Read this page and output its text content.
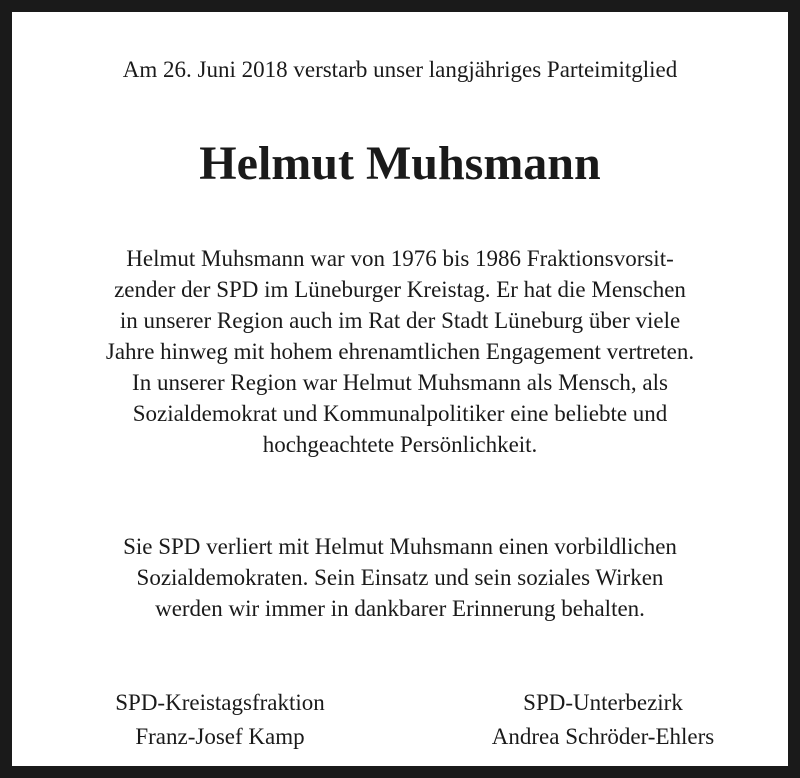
Am 26. Juni 2018 verstarb unser langjähriges Parteimitglied
Helmut Muhsmann
Helmut Muhsmann war von 1976 bis 1986 Fraktionsvorsit-
zender der SPD im Lüneburger Kreistag. Er hat die Menschen
in unserer Region auch im Rat der Stadt Lüneburg über viele
Jahre hinweg mit hohem ehrenamtlichen Engagement vertreten.
In unserer Region war Helmut Muhsmann als Mensch, als
Sozialdemokrat und Kommunalpolitiker eine beliebte und
hochgeachtete Persönlichkeit.
Sie SPD verliert mit Helmut Muhsmann einen vorbildlichen
Sozialdemokraten. Sein Einsatz und sein soziales Wirken
werden wir immer in dankbarer Erinnerung behalten.
SPD-Kreistagsfraktion
Franz-Josef Kamp
SPD-Unterbezirk
Andrea Schröder-Ehlers
